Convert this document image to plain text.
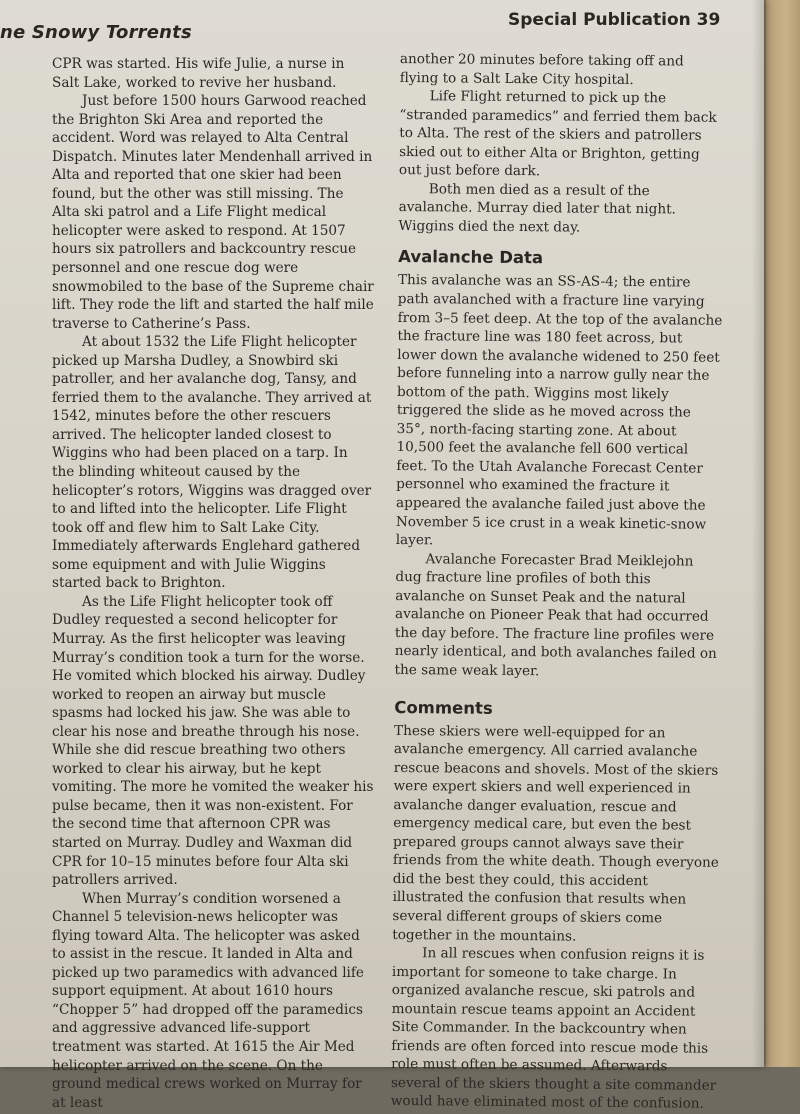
ne Snowy Torrents
Special Publication 39

CPR was started. His wife Julie, a nurse in Salt Lake, worked to revive her husband.

Just before 1500 hours Garwood reached the Brighton Ski Area and reported the accident. Word was relayed to Alta Central Dispatch. Minutes later Mendenhall arrived in Alta and reported that one skier had been found, but the other was still missing. The Alta ski patrol and a Life Flight medical helicopter were asked to respond. At 1507 hours six patrollers and backcountry rescue personnel and one rescue dog were snowmobiled to the base of the Supreme chair lift. They rode the lift and started the half mile traverse to Catherine’s Pass.

At about 1532 the Life Flight helicopter picked up Marsha Dudley, a Snowbird ski patroller, and her avalanche dog, Tansy, and ferried them to the avalanche. They arrived at 1542, minutes before the other rescuers arrived. The helicopter landed closest to Wiggins who had been placed on a tarp. In the blinding whiteout caused by the helicopter’s rotors, Wiggins was dragged over to and lifted into the helicopter. Life Flight took off and flew him to Salt Lake City. Immediately afterwards Englehard gathered some equipment and with Julie Wiggins started back to Brighton.

As the Life Flight helicopter took off Dudley requested a second helicopter for Murray. As the first helicopter was leaving Murray’s condition took a turn for the worse. He vomited which blocked his airway. Dudley worked to reopen an airway but muscle spasms had locked his jaw. She was able to clear his nose and breathe through his nose. While she did rescue breathing two others worked to clear his airway, but he kept vomiting. The more he vomited the weaker his pulse became, then it was non-existent. For the second time that afternoon CPR was started on Murray. Dudley and Waxman did CPR for 10–15 minutes before four Alta ski patrollers arrived.

When Murray’s condition worsened a Channel 5 television-news helicopter was flying toward Alta. The helicopter was asked to assist in the rescue. It landed in Alta and picked up two paramedics with advanced life support equipment. At about 1610 hours “Chopper 5” had dropped off the paramedics and aggressive advanced life-support treatment was started. At 1615 the Air Med helicopter arrived on the scene. On the ground medical crews worked on Murray for at least

another 20 minutes before taking off and flying to a Salt Lake City hospital.

Life Flight returned to pick up the “stranded paramedics” and ferried them back to Alta. The rest of the skiers and patrollers skied out to either Alta or Brighton, getting out just before dark.

Both men died as a result of the avalanche. Murray died later that night. Wiggins died the next day.

Avalanche Data

This avalanche was an SS-AS-4; the entire path avalanched with a fracture line varying from 3–5 feet deep. At the top of the avalanche the fracture line was 180 feet across, but lower down the avalanche widened to 250 feet before funneling into a narrow gully near the bottom of the path. Wiggins most likely triggered the slide as he moved across the 35°, north-facing starting zone. At about 10,500 feet the avalanche fell 600 vertical feet. To the Utah Avalanche Forecast Center personnel who examined the fracture it appeared the avalanche failed just above the November 5 ice crust in a weak kinetic-snow layer.

Avalanche Forecaster Brad Meiklejohn dug fracture line profiles of both this avalanche on Sunset Peak and the natural avalanche on Pioneer Peak that had occurred the day before. The fracture line profiles were nearly identical, and both avalanches failed on the same weak layer.

Comments

These skiers were well-equipped for an avalanche emergency. All carried avalanche rescue beacons and shovels. Most of the skiers were expert skiers and well experienced in avalanche danger evaluation, rescue and emergency medical care, but even the best prepared groups cannot always save their friends from the white death. Though everyone did the best they could, this accident illustrated the confusion that results when several different groups of skiers come together in the mountains.

In all rescues when confusion reigns it is important for someone to take charge. In organized avalanche rescue, ski patrols and mountain rescue teams appoint an Accident Site Commander. In the backcountry when friends are often forced into rescue mode this role must often be assumed. Afterwards several of the skiers thought a site commander would have eliminated most of the confusion.
